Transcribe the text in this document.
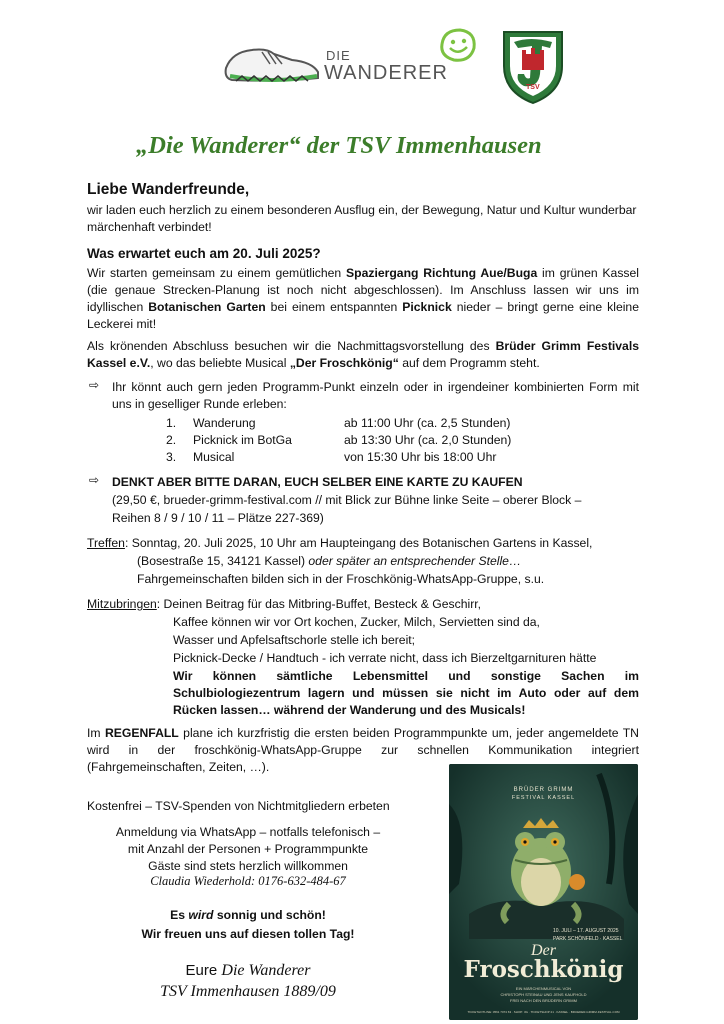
DIE
WANDERER
TSV
„Die Wanderer“ der TSV Immenhausen
Liebe Wanderfreunde,
wir laden euch herzlich zu einem besonderen Ausflug ein, der Bewegung, Natur und Kultur wunderbar märchenhaft verbindet!
Was erwartet euch am 20. Juli 2025?
Wir starten gemeinsam zu einem gemütlichen Spaziergang Richtung Aue/Buga im grünen Kassel (die genaue Strecken-Planung ist noch nicht abgeschlossen). Im Anschluss lassen wir uns im idyllischen Botanischen Garten bei einem entspannten Picknick nieder – bringt gerne eine kleine Leckerei mit!
Als krönenden Abschluss besuchen wir die Nachmittagsvorstellung des Brüder Grimm Festivals Kassel e.V., wo das beliebte Musical „Der Froschkönig“ auf dem Programm steht.
⇨ Ihr könnt auch gern jeden Programm-Punkt einzeln oder in irgendeiner kombinierten Form mit uns in geselliger Runde erleben:
1. Wanderung	ab 11:00 Uhr (ca. 2,5 Stunden)
2. Picknick im BotGa	ab 13:30 Uhr (ca. 2,0 Stunden)
3. Musical	von 15:30 Uhr bis 18:00 Uhr
⇨ DENKT ABER BITTE DARAN, EUCH SELBER EINE KARTE ZU KAUFEN
(29,50 €, brueder-grimm-festival.com // mit Blick zur Bühne linke Seite – oberer Block –
Reihen 8 / 9 / 10 / 11 – Plätze 227-369)
Treffen: Sonntag, 20. Juli 2025, 10 Uhr am Haupteingang des Botanischen Gartens in Kassel,
(Bosestraße 15, 34121 Kassel) oder später an entsprechender Stelle…
Fahrgemeinschaften bilden sich in der Froschkönig-WhatsApp-Gruppe, s.u.
Mitzubringen: Deinen Beitrag für das Mitbring-Buffet, Besteck & Geschirr,
Kaffee können wir vor Ort kochen, Zucker, Milch, Servietten sind da,
Wasser und Apfelsaftschorle stelle ich bereit;
Picknick-Decke / Handtuch - ich verrate nicht, dass ich Bierzeltgarnituren hätte
Wir können sämtliche Lebensmittel und sonstige Sachen im Schulbiologiezentrum lagern und müssen sie nicht im Auto oder auf dem Rücken lassen… während der Wanderung und des Musicals!
Im REGENFALL plane ich kurzfristig die ersten beiden Programmpunkte um, jeder angemeldete TN wird in der froschkönig-WhatsApp-Gruppe zur schnellen Kommunikation integriert (Fahrgemeinschaften, Zeiten, …).
Kostenfrei – TSV-Spenden von Nichtmitgliedern erbeten
Anmeldung via WhatsApp – notfalls telefonisch –
mit Anzahl der Personen + Programmpunkte
Gäste sind stets herzlich willkommen
Claudia Wiederhold: 0176-632-484-67
Es wird sonnig und schön!
Wir freuen uns auf diesen tollen Tag!
Eure Die Wanderer
TSV Immenhausen 1889/09
BRÜDER GRIMM
FESTIVAL KASSEL
10. JULI – 17. AUGUST 2025
PARK SCHÖNFELD · KASSEL
Der
Froschkönig
EIN MÄRCHENMUSICAL VON
CHRISTOPH STEINAU UND JENS KAUFHOLD
FREI NACH DEN BRÜDERN GRIMM
TICKETHOTLINE: 0561 7074 63 · SHOP: 3G · TICKETSHOP 21 · KASSEL · BRUEDER-GRIMM-FESTIVAL.COM
